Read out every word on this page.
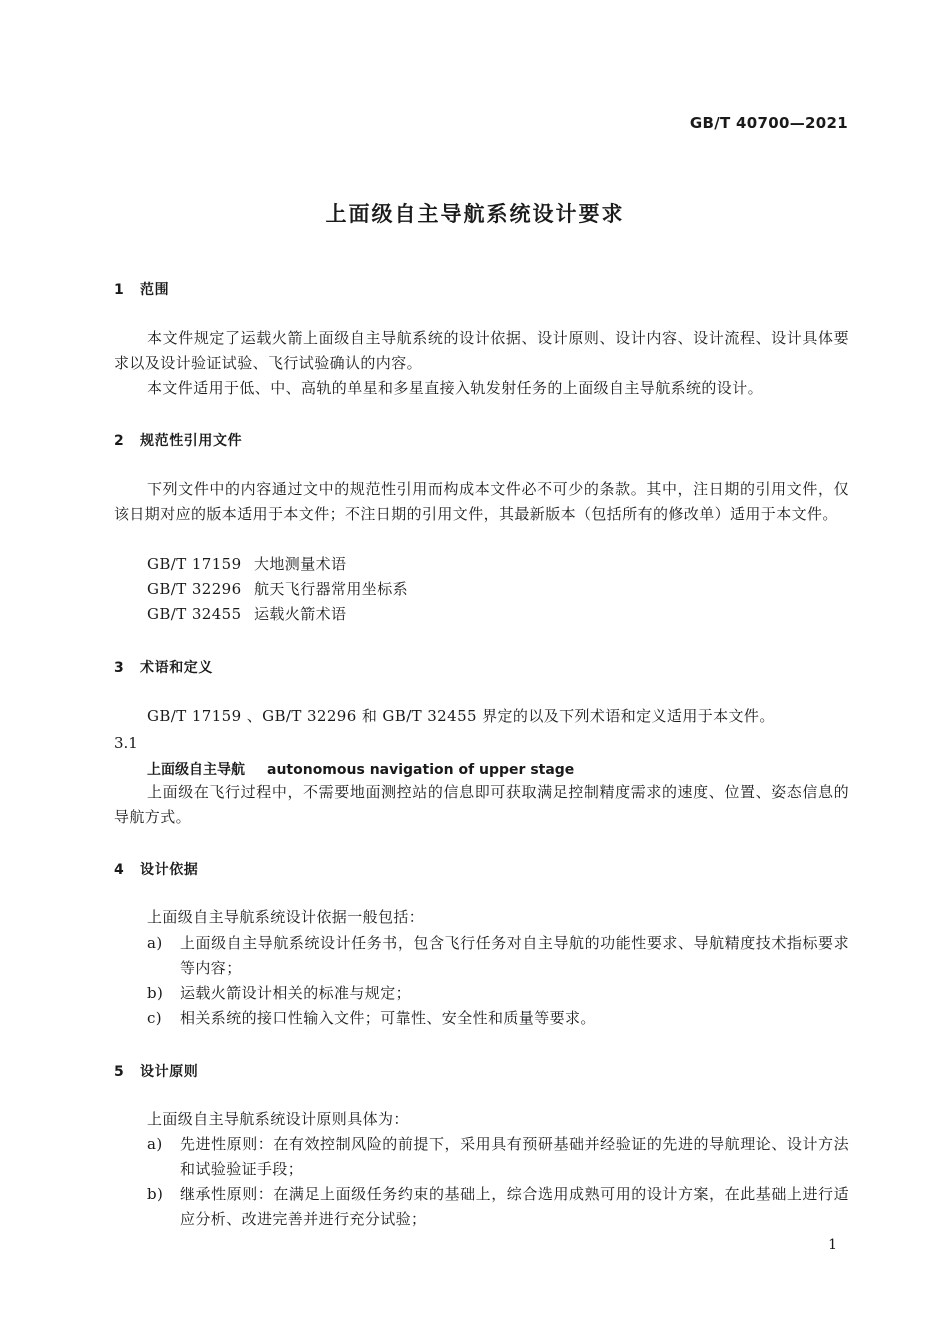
GB/T 40700—2021
上面级自主导航系统设计要求
1 范围
本文件规定了运载火箭上面级自主导航系统的设计依据、设计原则、设计内容、设计流程、设计具体要求以及设计验证试验、飞行试验确认的内容。
本文件适用于低、中、高轨的单星和多星直接入轨发射任务的上面级自主导航系统的设计。
2 规范性引用文件
下列文件中的内容通过文中的规范性引用而构成本文件必不可少的条款。其中，注日期的引用文件，仅该日期对应的版本适用于本文件；不注日期的引用文件，其最新版本（包括所有的修改单）适用于本文件。
GB/T 17159 大地测量术语
GB/T 32296 航天飞行器常用坐标系
GB/T 32455 运载火箭术语
3 术语和定义
GB/T 17159 、GB/T 32296 和 GB/T 32455 界定的以及下列术语和定义适用于本文件。
3.1
上面级自主导航 autonomous navigation of upper stage
上面级在飞行过程中，不需要地面测控站的信息即可获取满足控制精度需求的速度、位置、姿态信息的导航方式。
4 设计依据
上面级自主导航系统设计依据一般包括：
a)	上面级自主导航系统设计任务书，包含飞行任务对自主导航的功能性要求、导航精度技术指标要求等内容；
b)	运载火箭设计相关的标准与规定；
c)	相关系统的接口性输入文件；可靠性、安全性和质量等要求。
5 设计原则
上面级自主导航系统设计原则具体为：
a)	先进性原则：在有效控制风险的前提下，采用具有预研基础并经验证的先进的导航理论、设计方法和试验验证手段；
b)	继承性原则：在满足上面级任务约束的基础上，综合选用成熟可用的设计方案，在此基础上进行适应分析、改进完善并进行充分试验；
1
